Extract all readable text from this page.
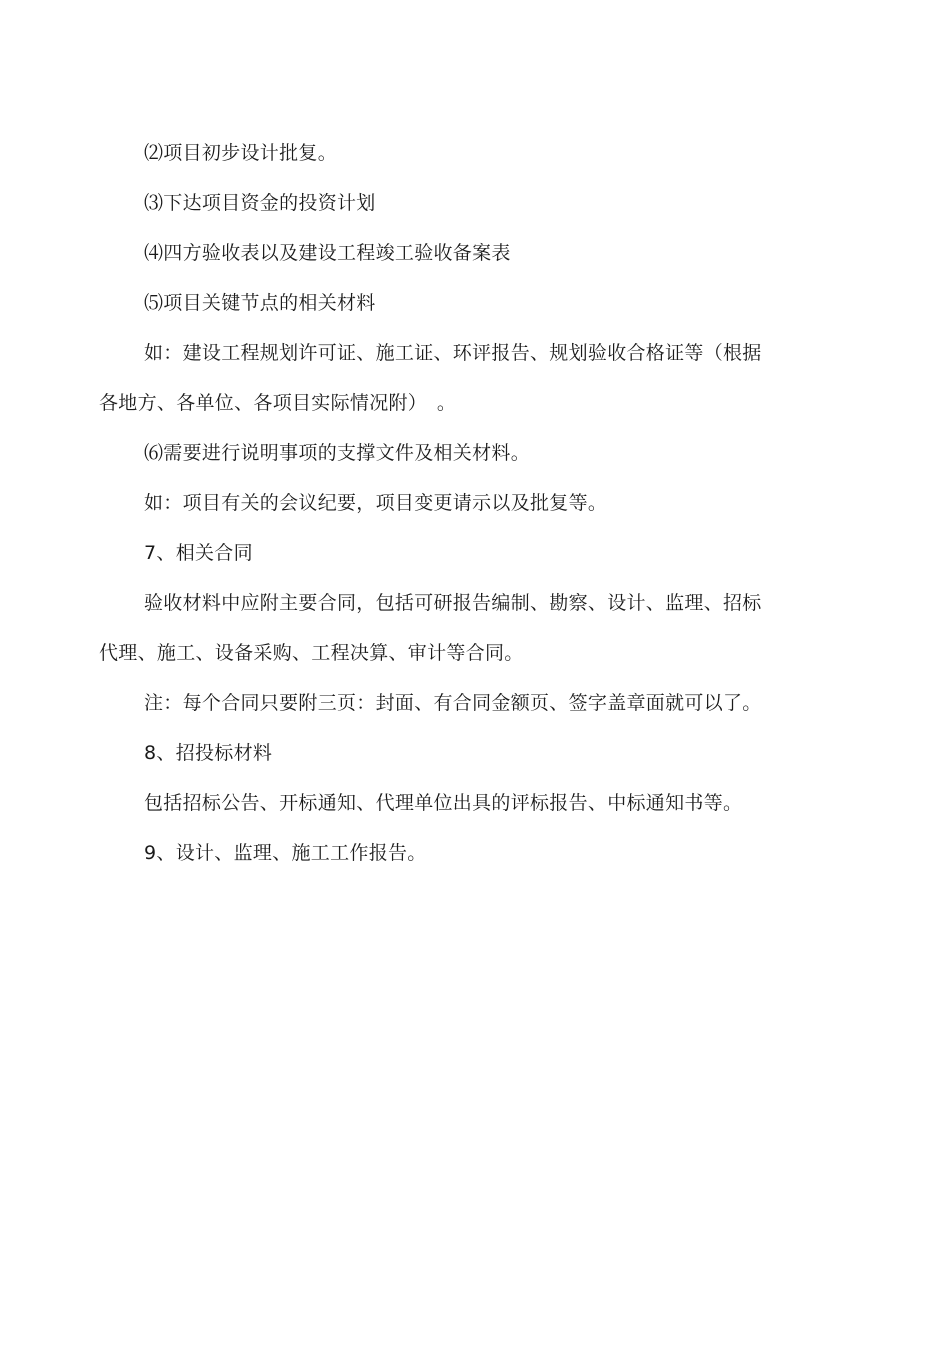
⑵项目初步设计批复。

⑶下达项目资金的投资计划

⑷四方验收表以及建设工程竣工验收备案表

⑸项目关键节点的相关材料

如：建设工程规划许可证、施工证、环评报告、规划验收合格证等（根据

各地方、各单位、各项目实际情况附）　。

⑹需要进行说明事项的支撑文件及相关材料。

如：项目有关的会议纪要，项目变更请示以及批复等。

7、相关合同

验收材料中应附主要合同，包括可研报告编制、勘察、设计、监理、招标

代理、施工、设备采购、工程决算、审计等合同。

注：每个合同只要附三页：封面、有合同金额页、签字盖章面就可以了。

8、招投标材料

包括招标公告、开标通知、代理单位出具的评标报告、中标通知书等。

9、设计、监理、施工工作报告。
